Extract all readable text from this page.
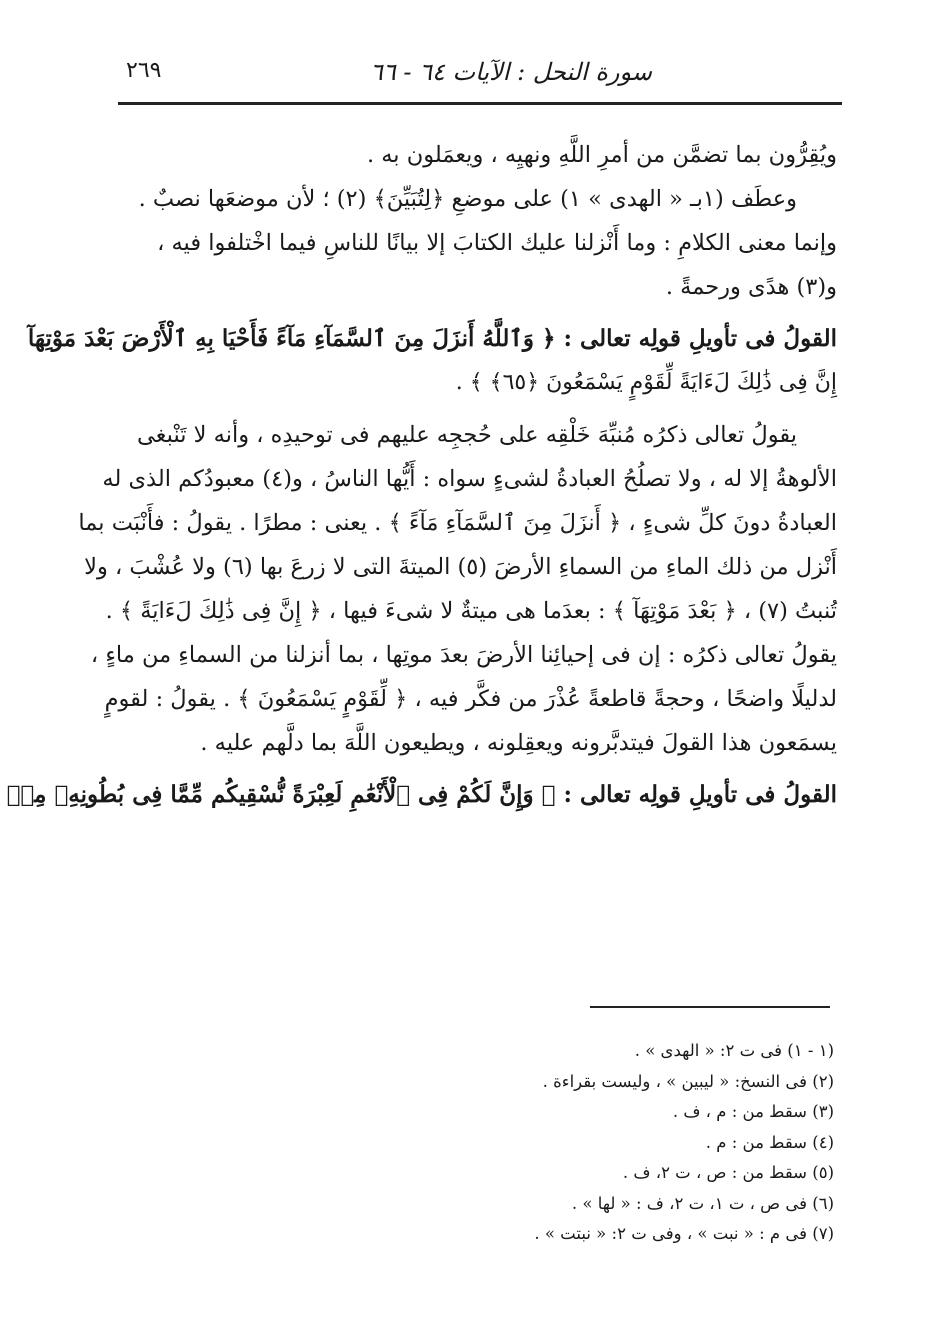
سورة النحل : الآيات ٦٤ - ٦٦
٢٦٩
ويُقِرُّون بما تضمَّن من أمرِ اللَّهِ ونهيِه ، ويعمَلون به .
وعطَف (١بـ « الهدى » ١) على موضعِ ﴿لِتُبَيِّنَ﴾ (٢) ؛ لأن موضعَها نصبٌ .
وإنما معنى الكلامِ : وما أَنْزلنا عليك الكتابَ إلا بيانًا للناسِ فيما اخْتلفوا فيه ،
و(٣) هدًى ورحمةً .
القولُ فى تأويلِ قولِه تعالى : ﴿ وَٱللَّهُ أَنزَلَ مِنَ ٱلسَّمَآءِ مَآءً فَأَحْيَا بِهِ ٱلْأَرْضَ بَعْدَ مَوْتِهَآ
إِنَّ فِى ذَٰلِكَ لَءَايَةً لِّقَوْمٍ يَسْمَعُونَ ﴿٦٥﴾ ﴾ .
يقولُ تعالى ذكرُه مُنبِّهَ خَلْقِه على حُججِه عليهم فى توحيدِه ، وأنه لا تَنْبغى
الألوهةُ إلا له ، ولا تصلُحُ العبادةُ لشىءٍ سواه : أَيُّها الناسُ ، و(٤) معبودُكم الذى له
العبادةُ دونَ كلِّ شىءٍ ، ﴿ أَنزَلَ مِنَ ٱلسَّمَآءِ مَآءً ﴾ . يعنى : مطرًا . يقولُ : فأَنْبَت بما
أَنْزل من ذلك الماءِ من السماءِ الأرضَ (٥) الميتةَ التى لا زرعَ بها (٦) ولا عُشْبَ ، ولا
تُنبتُ (٧) ، ﴿ بَعْدَ مَوْتِهَآ ﴾ : بعدَما هى ميتةٌ لا شىءَ فيها ، ﴿ إِنَّ فِى ذَٰلِكَ لَءَايَةً ﴾ .
يقولُ تعالى ذكرُه : إن فى إحيائِنا الأرضَ بعدَ موتِها ، بما أنزلنا من السماءِ من ماءٍ ،
لدليلًا واضحًا ، وحجةً قاطعةً عُذْرَ من فكَّر فيه ، ﴿ لِّقَوْمٍ يَسْمَعُونَ ﴾ . يقولُ : لقومٍ
يسمَعون هذا القولَ فيتدبَّرونه ويعقِلونه ، ويطيعون اللَّهَ بما دلَّهم عليه .
القولُ فى تأويلِ قولِه تعالى : ﴿ وَإِنَّ لَكُمْ فِى ٱلْأَنْعَٰمِ لَعِبْرَةً نُّسْقِيكُم مِّمَّا فِى بُطُونِهِۦ مِنۢ
(١ - ١) فى ت ٢: « الهدى » .
(٢) فى النسخ: « ليبين » ، وليست بقراءة .
(٣) سقط من : م ، ف .
(٤) سقط من : م .
(٥) سقط من : ص ، ت ٢، ف .
(٦) فى ص ، ت ١، ت ٢، ف : « لها » .
(٧) فى م : « نبت » ، وفى ت ٢: « نبتت » .
